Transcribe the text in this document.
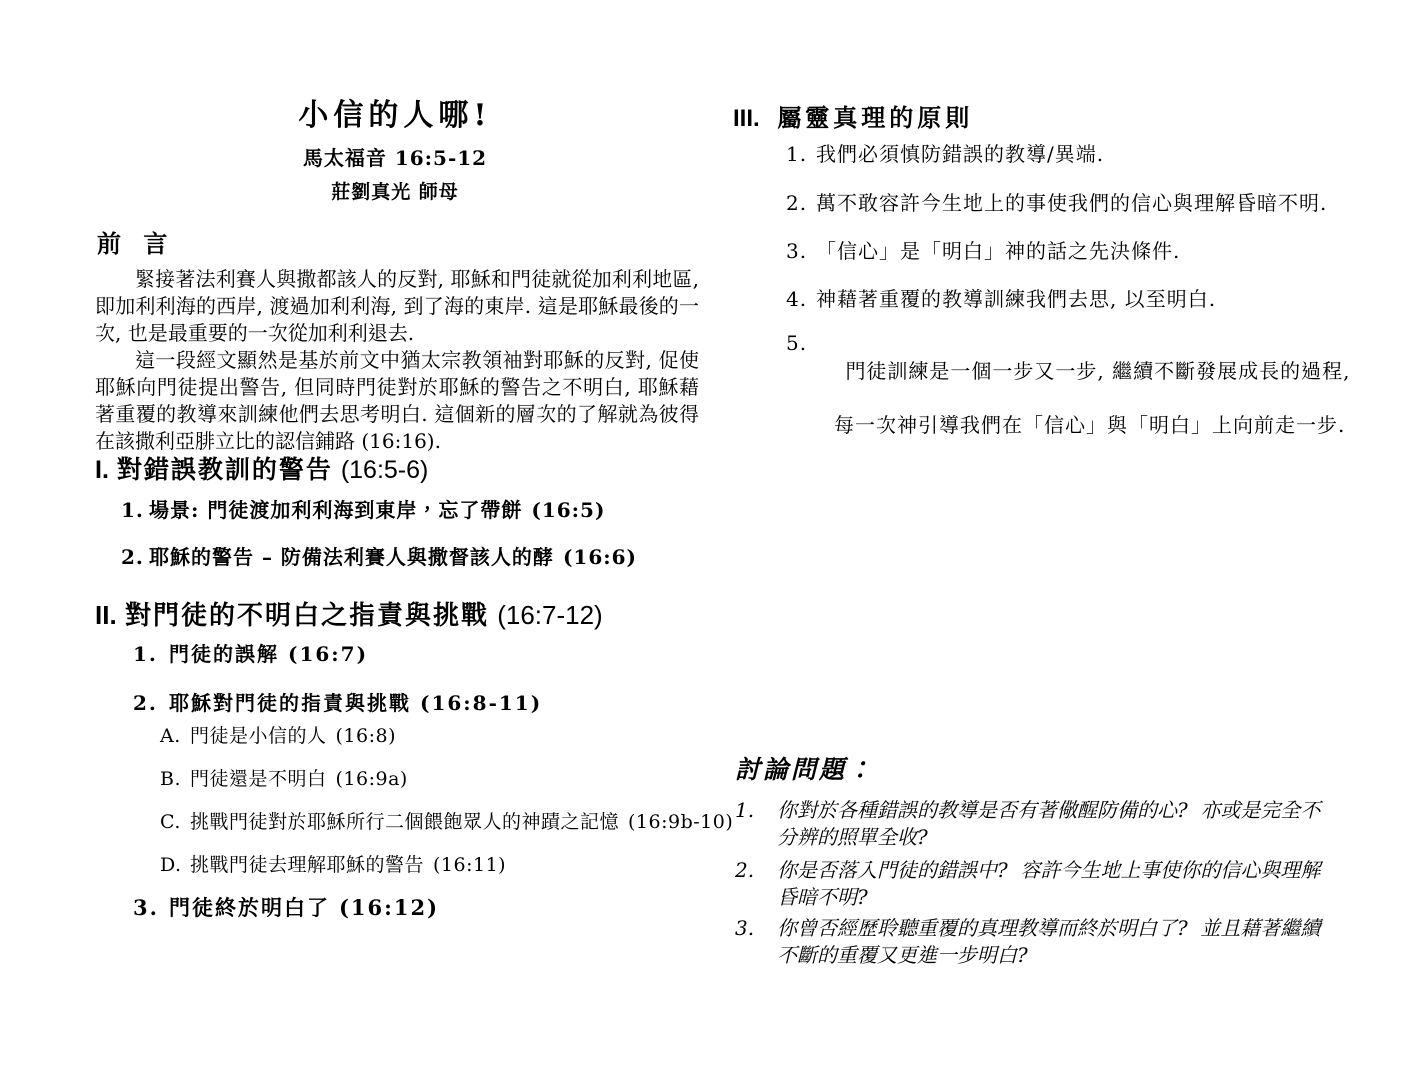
小信的人哪!
馬太福音 16:5-12
莊劉真光 師母
前 言

緊接著法利賽人與撒都該人的反對, 耶穌和門徒就從加利利地區, 即加利利海的西岸, 渡過加利利海, 到了海的東岸. 這是耶穌最後的一次, 也是最重要的一次從加利利退去.

這一段經文顯然是基於前文中猶太宗教領袖對耶穌的反對, 促使耶穌向門徒提出警告, 但同時門徒對於耶穌的警告之不明白, 耶穌藉著重覆的教導來訓練他們去思考明白. 這個新的層次的了解就為彼得在該撒利亞腓立比的認信鋪路 (16:16).

I. 對錯誤教訓的警告 (16:5-6)
1. 場景: 門徒渡加利利海到東岸，忘了帶餅 (16:5)
2. 耶穌的警告 – 防備法利賽人與撒督該人的酵 (16:6)
II. 對門徒的不明白之指責與挑戰 (16:7-12)
1. 門徒的誤解 (16:7)
2. 耶穌對門徒的指責與挑戰 (16:8-11)
A. 門徒是小信的人 (16:8)
B. 門徒還是不明白 (16:9a)
C. 挑戰門徒對於耶穌所行二個餵飽眾人的神蹟之記憶 (16:9b-10)
D. 挑戰門徒去理解耶穌的警告 (16:11)
3. 門徒終於明白了 (16:12)
III. 屬靈真理的原則
1. 我們必須慎防錯誤的教導/異端.
2. 萬不敢容許今生地上的事使我們的信心與理解昏暗不明.
3. 「信心」是「明白」神的話之先決條件.
4. 神藉著重覆的教導訓練我們去思, 以至明白.
5.

門徒訓練是一個一步又一步, 繼續不斷發展成長的過程,

每一次神引導我們在「信心」與「明白」上向前走一步.

討論問題：
1.	你對於各種錯誤的教導是否有著儆醒防備的心?  亦或是完全不分辨的照單全收?
2.	你是否落入門徒的錯誤中?  容許今生地上事使你的信心與理解昏暗不明?
3.	你曾否經歷聆聽重覆的真理教導而終於明白了?  並且藉著繼續不斷的重覆又更進一步明白?
